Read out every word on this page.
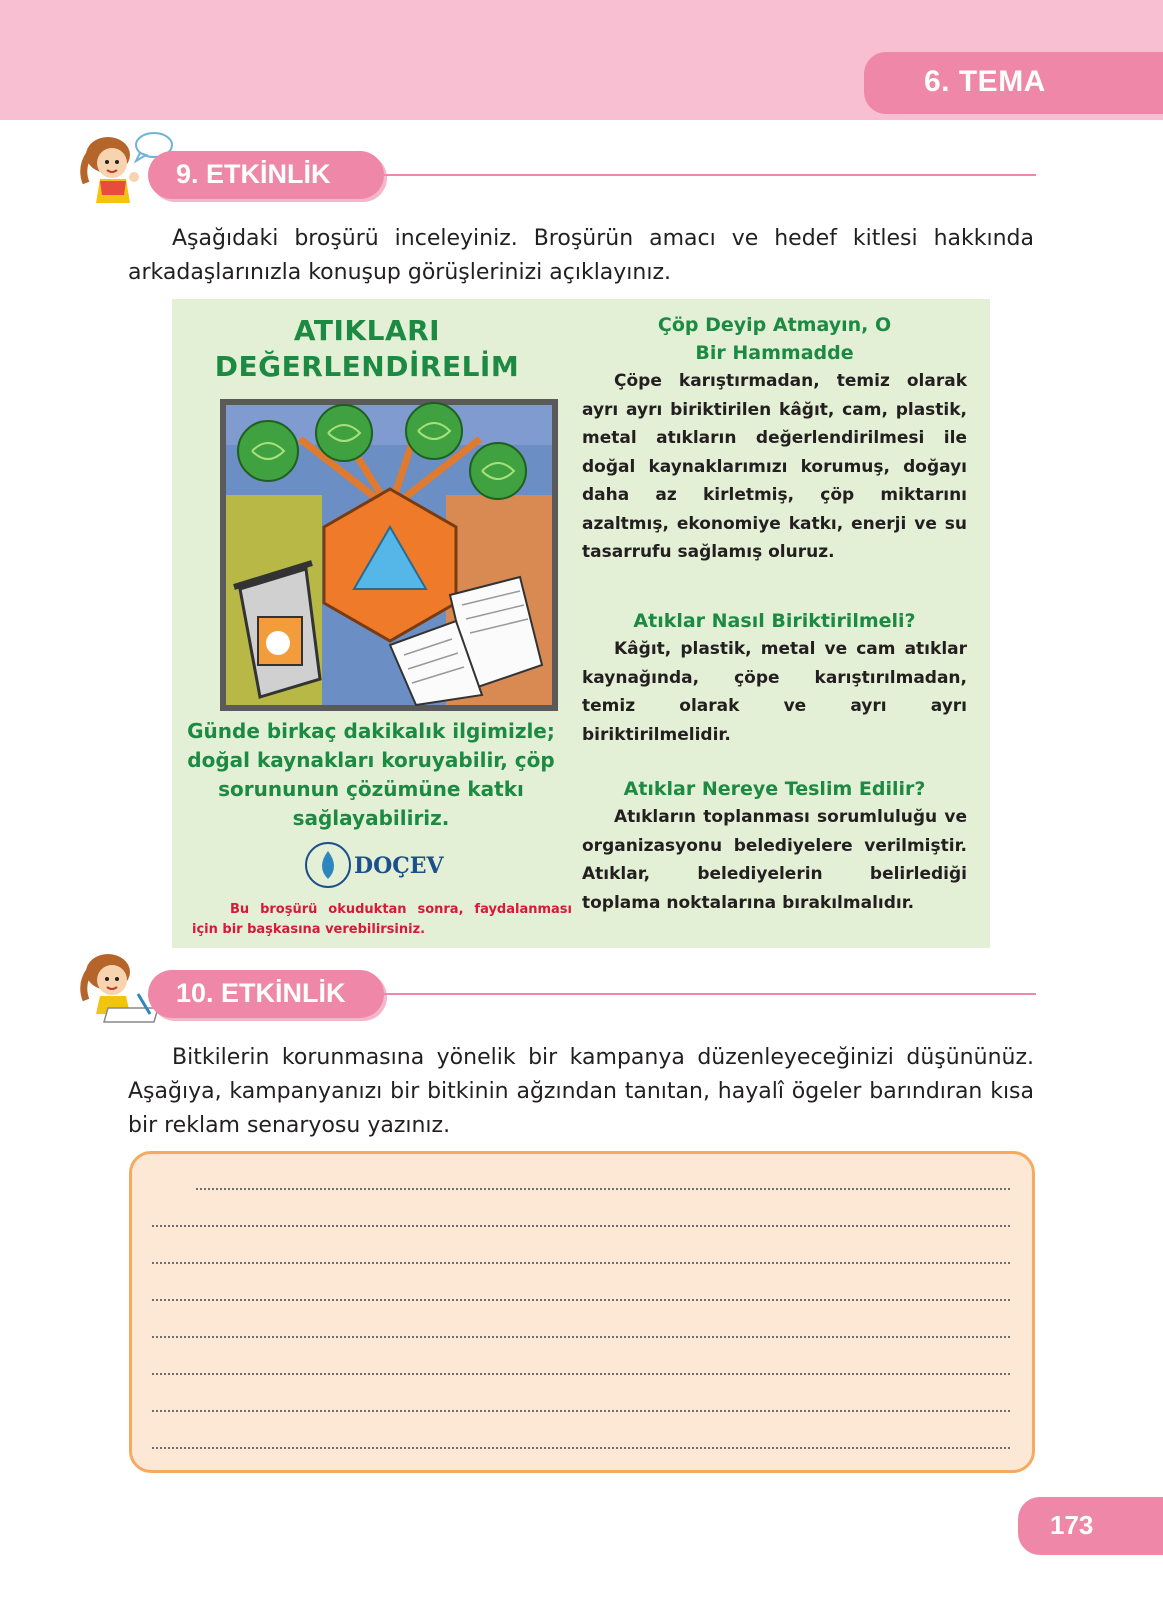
6. TEMA
9. ETKİNLİK

Aşağıdaki broşürü inceleyiniz. Broşürün amacı ve hedef kitlesi hakkında arkadaşlarınızla konuşup görüşlerinizi açıklayınız.

ATIKLARI
DEĞERLENDİRELİM
Günde birkaç dakikalık ilgimizle; doğal kaynakları koruyabilir, çöp sorununun çözümüne katkı sağlayabiliriz.
DOÇEV

Bu broşürü okuduktan sonra, faydalanması için bir başkasına verebilirsiniz.

Çöp Deyip Atmayın, O Bir Hammadde

Çöpe karıştırmadan, temiz olarak ayrı ayrı biriktirilen kâğıt, cam, plastik, metal atıkların değerlendirilmesi ile doğal kaynaklarımızı korumuş, doğayı daha az kirletmiş, çöp miktarını azaltmış, ekonomiye katkı, enerji ve su tasarrufu sağlamış oluruz.

Atıklar Nasıl Biriktirilmeli?

Kâğıt, plastik, metal ve cam atıklar kaynağında, çöpe karıştırılmadan, temiz olarak ve ayrı ayrı biriktirilmelidir.

Atıklar Nereye Teslim Edilir?

Atıkların toplanması sorumluluğu ve organizasyonu belediyelere verilmiştir. Atıklar, belediyelerin belirlediği toplama noktalarına bırakılmalıdır.

10. ETKİNLİK

Bitkilerin korunmasına yönelik bir kampanya düzenleyeceğinizi düşününüz. Aşağıya, kampanyanızı bir bitkinin ağzından tanıtan, hayalî ögeler barındıran kısa bir reklam senaryosu yazınız.

173
